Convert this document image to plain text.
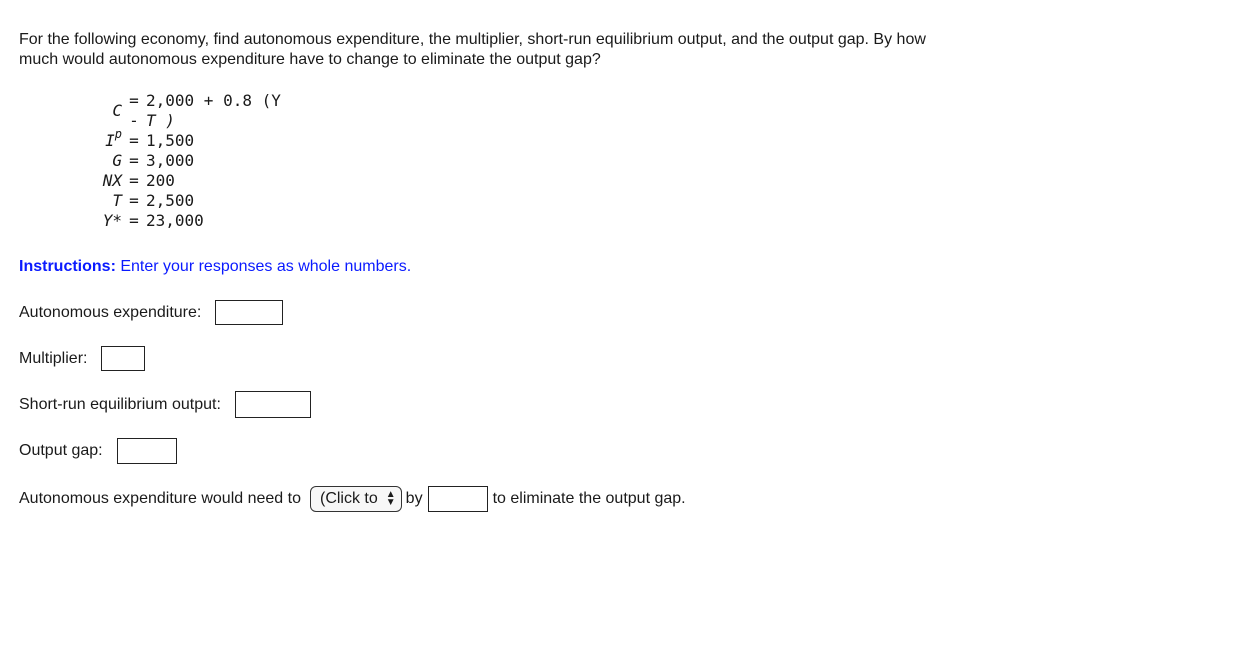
For the following economy, find autonomous expenditure, the multiplier, short-run equilibrium output, and the output gap. By how much would autonomous expenditure have to change to eliminate the output gap?

C
=
-
2,000 + 0.8 (Y
T )
$I^p = 1,500$
G = 3,000
NX = 200
T = 2,500
Y* = 23,000
Instructions: Enter your responses as whole numbers.
Autonomous expenditure:
Multiplier:
Short-run equilibrium output:
Output gap:
Autonomous expenditure would need to (Click to ▲
▼ by	to eliminate the output gap.
